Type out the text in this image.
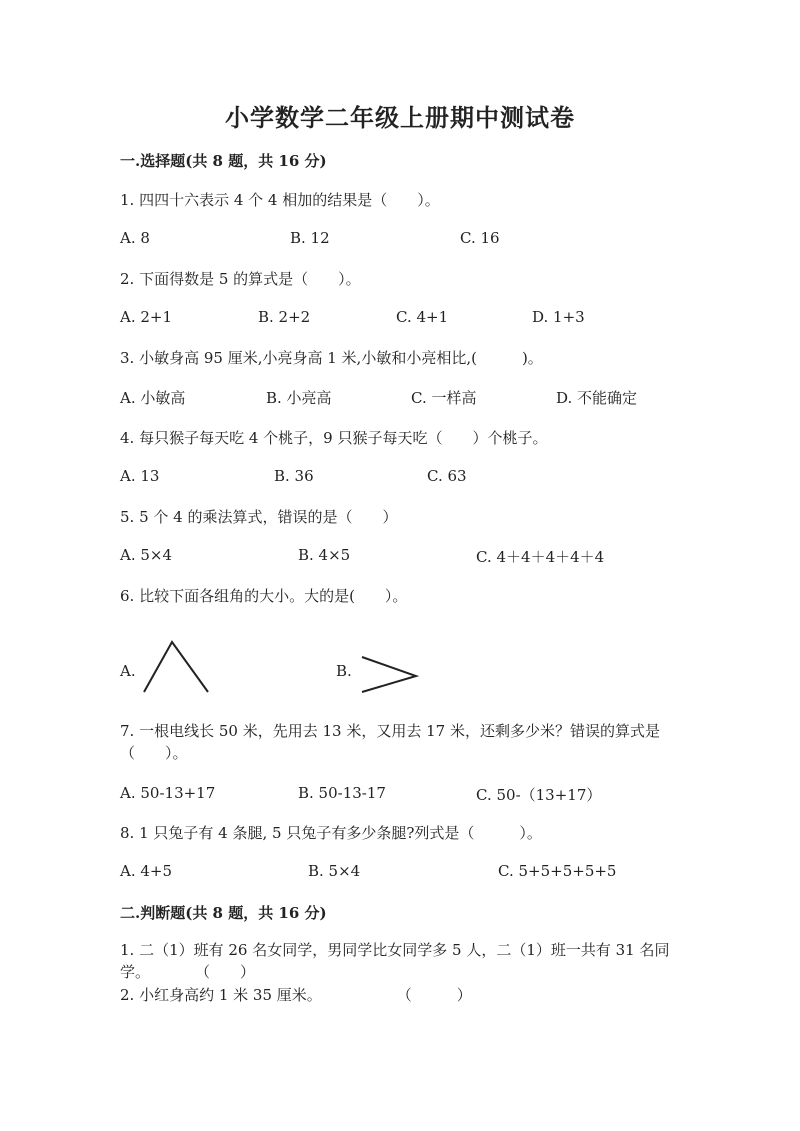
小学数学二年级上册期中测试卷
一.选择题(共 8 题，共 16 分)
1. 四四十六表示 4 个 4 相加的结果是（　　）。
A. 8	B. 12	C. 16
2. 下面得数是 5 的算式是（　　）。
A. 2+1	B. 2+2	C. 4+1	D. 1+3
3. 小敏身高 95 厘米,小亮身高 1 米,小敏和小亮相比,(　　　)。
A. 小敏高	B. 小亮高	C. 一样高	D. 不能确定
4. 每只猴子每天吃 4 个桃子，9 只猴子每天吃（　　）个桃子。
A. 13	B. 36	C. 63
5. 5 个 4 的乘法算式，错误的是（　　）
A. 5×4	B. 4×5	C. 4＋4＋4＋4＋4
6. 比较下面各组角的大小。大的是(　　）。
A.	B.
7. 一根电线长 50 米，先用去 13 米，又用去 17 米，还剩多少米？错误的算式是（　　）。
A. 50-13+17	B. 50-13-17	C. 50-（13+17）
8. 1 只兔子有 4 条腿, 5 只兔子有多少条腿?列式是（　　　）。
A. 4+5	B. 5×4	C. 5+5+5+5+5
二.判断题(共 8 题，共 16 分)
1. 二（1）班有 26 名女同学，男同学比女同学多 5 人，二（1）班一共有 31 名同学。　　　　（　　）
2. 小红身高约 1 米 35 厘米。　　　　　　（　　　）
